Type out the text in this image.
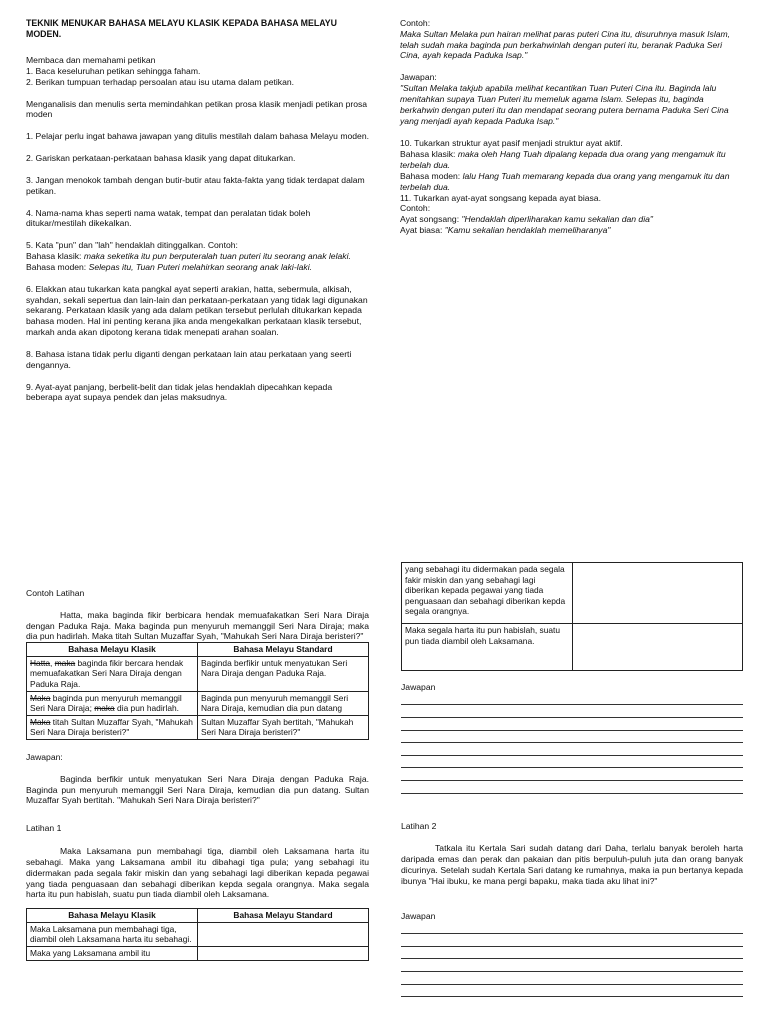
TEKNIK MENUKAR BAHASA MELAYU KLASIK KEPADA BAHASA MELAYU MODEN.

Membaca dan memahami petikan

1. Baca keseluruhan petikan sehingga faham.

2. Berikan tumpuan terhadap persoalan atau isu utama dalam petikan.

Menganalisis dan menulis serta memindahkan petikan prosa klasik menjadi petikan prosa moden

1. Pelajar perlu ingat bahawa jawapan yang ditulis mestilah dalam bahasa Melayu moden.

2. Gariskan perkataan-perkataan bahasa klasik yang dapat ditukarkan.

3. Jangan menokok tambah dengan butir-butir atau fakta-fakta yang tidak terdapat dalam petikan.

4. Nama-nama khas seperti nama watak, tempat dan peralatan tidak boleh ditukar/mestilah dikekalkan.

5. Kata "pun" dan "lah" hendaklah ditinggalkan. Contoh:

Bahasa klasik: maka seketika itu pun berputeralah tuan puteri itu seorang anak lelaki.

Bahasa moden: Selepas itu, Tuan Puteri melahirkan seorang anak laki-laki.

6. Elakkan atau tukarkan kata pangkal ayat seperti arakian, hatta, sebermula, alkisah, syahdan, sekali sepertua dan lain-lain dan perkataan-perkataan yang tidak lagi digunakan sekarang. Perkataan klasik yang ada dalam petikan tersebut perlulah ditukarkan kepada bahasa moden. Hal ini penting kerana jika anda mengekalkan perkataan klasik tersebut, markah anda akan dipotong kerana tidak menepati arahan soalan.

8. Bahasa istana tidak perlu diganti dengan perkataan lain atau perkataan yang seerti dengannya.

9. Ayat-ayat panjang, berbelit-belit dan tidak jelas hendaklah dipecahkan kepada beberapa ayat supaya pendek dan jelas maksudnya.

Contoh:

Maka Sultan Melaka pun hairan melihat paras puteri Cina itu, disuruhnya masuk Islam, telah sudah maka baginda pun berkahwinlah dengan puteri itu, beranak Paduka Seri Cina, ayah kepada Paduka Isap."

Jawapan:

"Sultan Melaka takjub apabila melihat kecantikan Tuan Puteri Cina itu. Baginda lalu menitahkan supaya Tuan Puteri itu memeluk agama Islam. Selepas itu, baginda berkahwin dengan puteri itu dan mendapat seorang putera bernama Paduka Seri Cina yang menjadi ayah kepada Paduka Isap."

10. Tukarkan struktur ayat pasif menjadi struktur ayat aktif.

Bahasa klasik: maka oleh Hang Tuah dipalang kepada dua orang yang mengamuk itu terbelah dua.

Bahasa moden: lalu Hang Tuah memarang kepada dua orang yang mengamuk itu dan terbelah dua.

11. Tukarkan ayat-ayat songsang kepada ayat biasa.

Contoh:

Ayat songsang: "Hendaklah diperliharakan kamu sekalian dan dia"

Ayat biasa: "Kamu sekalian hendaklah memeliharanya"

Contoh Latihan

Hatta, maka baginda fikir berbicara hendak memuafakatkan Seri Nara Diraja dengan Paduka Raja. Maka baginda pun menyuruh memanggil Seri Nara Diraja; maka dia pun hadirlah. Maka titah Sultan Muzaffar Syah, "Mahukah Seri Nara Diraja beristeri?"

Bahasa Melayu Klasik	Bahasa Melayu Standard
Hatta, maka baginda fikir bercara hendak memuafakatkan Seri Nara Diraja dengan Paduka Raja.	Baginda berfikir untuk menyatukan Seri Nara Diraja dengan Paduka Raja.
Maka baginda pun menyuruh memanggil Seri Nara Diraja; maka dia pun hadirlah.	Baginda pun menyuruh memanggil Seri Nara Diraja, kemudian dia pun datang
Maka titah Sultan Muzaffar Syah, "Mahukah Seri Nara Diraja beristeri?"	Sultan Muzaffar Syah bertitah, "Mahukah Seri Nara Diraja beristeri?"

Jawapan:

Baginda berfikir untuk menyatukan Seri Nara Diraja dengan Paduka Raja. Baginda pun menyuruh memanggil Seri Nara Diraja, kemudian dia pun datang. Sultan Muzaffar Syah bertitah. "Mahukah Seri Nara Diraja beristeri?"

Latihan 1

Maka Laksamana pun membahagi tiga, diambil oleh Laksamana harta itu sebahagi. Maka yang Laksamana ambil itu dibahagi tiga pula; yang sebahagi itu didermakan pada segala fakir miskin dan yang sebahagi lagi diberikan kepada pegawai yang tiada penguasaan dan sebahagi diberikan kepda segala orangnya. Maka segala harta itu pun habislah, suatu pun tiada diambil oleh Laksamana.

Bahasa Melayu Klasik	Bahasa Melayu Standard
Maka Laksamana pun membahagi tiga, diambil oleh Laksamana harta itu sebahagi.	
Maka yang Laksamana ambil itu	
yang sebahagi itu didermakan pada segala fakir miskin dan yang sebahagi lagi diberikan kepada pegawai yang tiada penguasaan dan sebahagi diberikan kepda segala orangnya.	
Maka segala harta itu pun habislah, suatu pun tiada diambil oleh Laksamana.	

Jawapan

Latihan 2

Tatkala itu Kertala Sari sudah datang dari Daha, terlalu banyak beroleh harta daripada emas dan perak dan pakaian dan pitis berpuluh-puluh juta dan orang banyak dicurinya. Setelah sudah Kertala Sari datang ke rumahnya, maka ia pun bertanya kepada ibunya "Hai ibuku, ke mana pergi bapaku, maka tiada aku lihat ini?"

Jawapan
